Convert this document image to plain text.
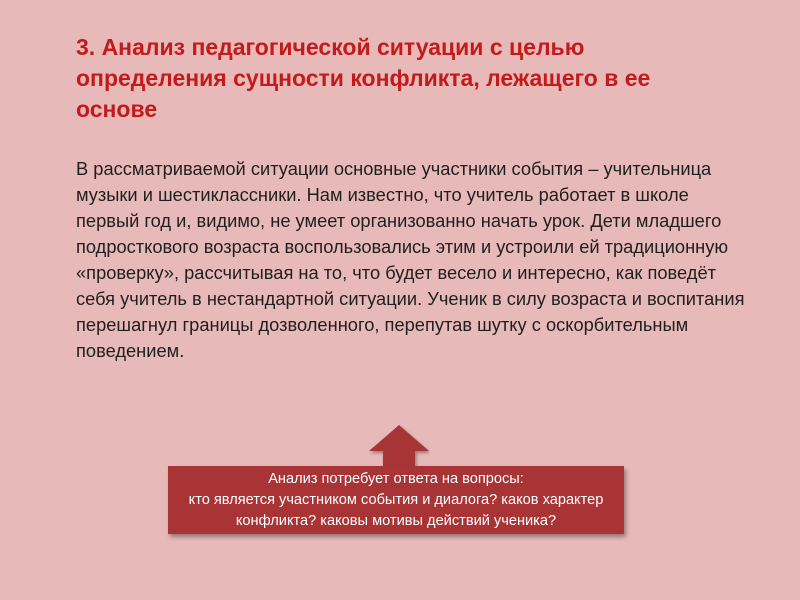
3. Анализ педагогической ситуации с целью определения сущности конфликта, лежащего в ее основе

В рассматриваемой ситуации основные участники события – учительница музыки и шестиклассники. Нам известно, что учитель работает в школе первый год и, видимо, не умеет организованно начать урок. Дети младшего подросткового возраста воспользовались этим и устроили ей традиционную «проверку», рассчитывая на то, что будет весело и интересно, как поведёт себя учитель в нестандартной ситуации. Ученик в силу возраста и воспитания перешагнул границы дозволенного, перепутав шутку с оскорбительным поведением.

Анализ потребует ответа на вопросы:
кто является участником события и диалога? каков характер конфликта? каковы мотивы действий ученика?
